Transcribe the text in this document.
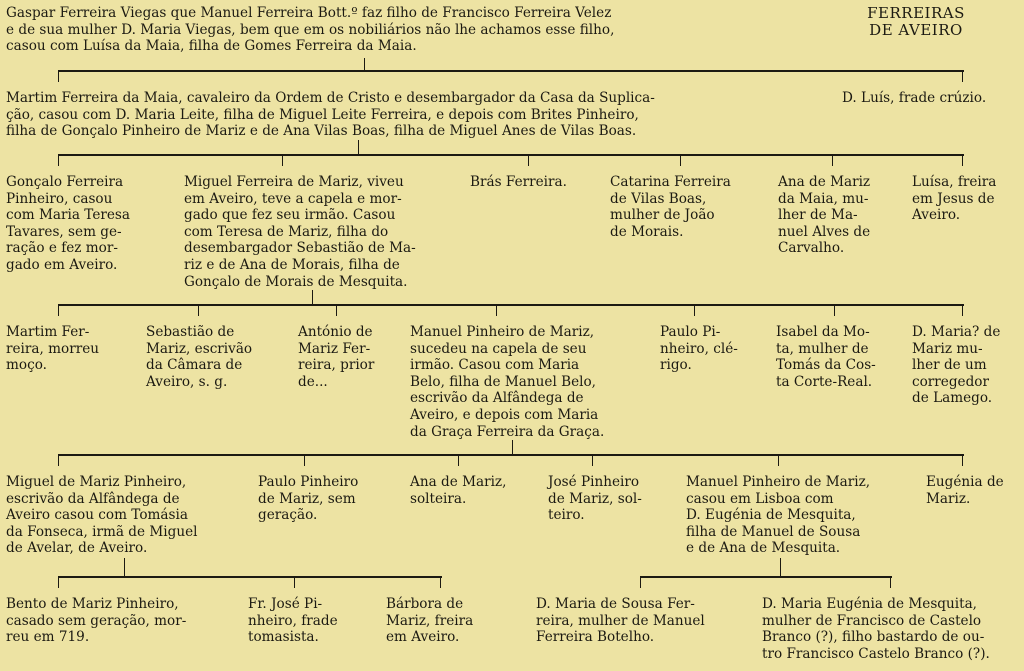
Gaspar Ferreira Viegas que Manuel Ferreira Bott.º faz filho de Francisco Ferreira Velez
e de sua mulher D. Maria Viegas, bem que em os nobiliários não lhe achamos esse filho,
casou com Luísa da Maia, filha de Gomes Ferreira da Maia.

FERREIRAS
DE AVEIRO

Martim Ferreira da Maia, cavaleiro da Ordem de Cristo e desembargador da Casa da Suplica-
ção, casou com D. Maria Leite, filha de Miguel Leite Ferreira, e depois com Brites Pinheiro,
filha de Gonçalo Pinheiro de Mariz e de Ana Vilas Boas, filha de Miguel Anes de Vilas Boas.

D. Luís, frade crúzio.

Gonçalo Ferreira
Pinheiro, casou
com Maria Teresa
Tavares, sem ge-
ração e fez mor-
gado em Aveiro.

Miguel Ferreira de Mariz, viveu
em Aveiro, teve a capela e mor-
gado que fez seu irmão. Casou
com Teresa de Mariz, filha do
desembargador Sebastião de Ma-
riz e de Ana de Morais, filha de
Gonçalo de Morais de Mesquita.

Brás Ferreira.	Catarina Ferreira
de Vilas Boas,
mulher de João
de Morais.

Ana de Mariz
da Maia, mu-
lher de Ma-
nuel Alves de
Carvalho.

Luísa, freira
em Jesus de
Aveiro.

Martim Fer-
reira, morreu
moço.

Sebastião de
Mariz, escrivão
da Câmara de
Aveiro, s. g.

António de
Mariz Fer-
reira, prior
de...

Manuel Pinheiro de Mariz,
sucedeu na capela de seu
irmão. Casou com Maria
Belo, filha de Manuel Belo,
escrivão da Alfândega de
Aveiro, e depois com Maria
da Graça Ferreira da Graça.

Paulo Pi-
nheiro, clé-
rigo.

Isabel da Mo-
ta, mulher de
Tomás da Cos-
ta Corte-Real.

D. Maria? de
Mariz mu-
lher de um
corregedor
de Lamego.

Miguel de Mariz Pinheiro,
escrivão da Alfândega de
Aveiro casou com Tomásia
da Fonseca, irmã de Miguel
de Avelar, de Aveiro.

Paulo Pinheiro
de Mariz, sem
geração.

Ana de Mariz,
solteira.

José Pinheiro
de Mariz, sol-
teiro.

Manuel Pinheiro de Mariz,
casou em Lisboa com
D. Eugénia de Mesquita,
filha de Manuel de Sousa
e de Ana de Mesquita.

Eugénia de
Mariz.

Bento de Mariz Pinheiro,
casado sem geração, mor-
reu em 719.

Fr. José Pi-
nheiro, frade
tomasista.

Bárbora de
Mariz, freira
em Aveiro.

D. Maria de Sousa Fer-
reira, mulher de Manuel
Ferreira Botelho.

D. Maria Eugénia de Mesquita,
mulher de Francisco de Castelo
Branco (?), filho bastardo de ou-
tro Francisco Castelo Branco (?).
